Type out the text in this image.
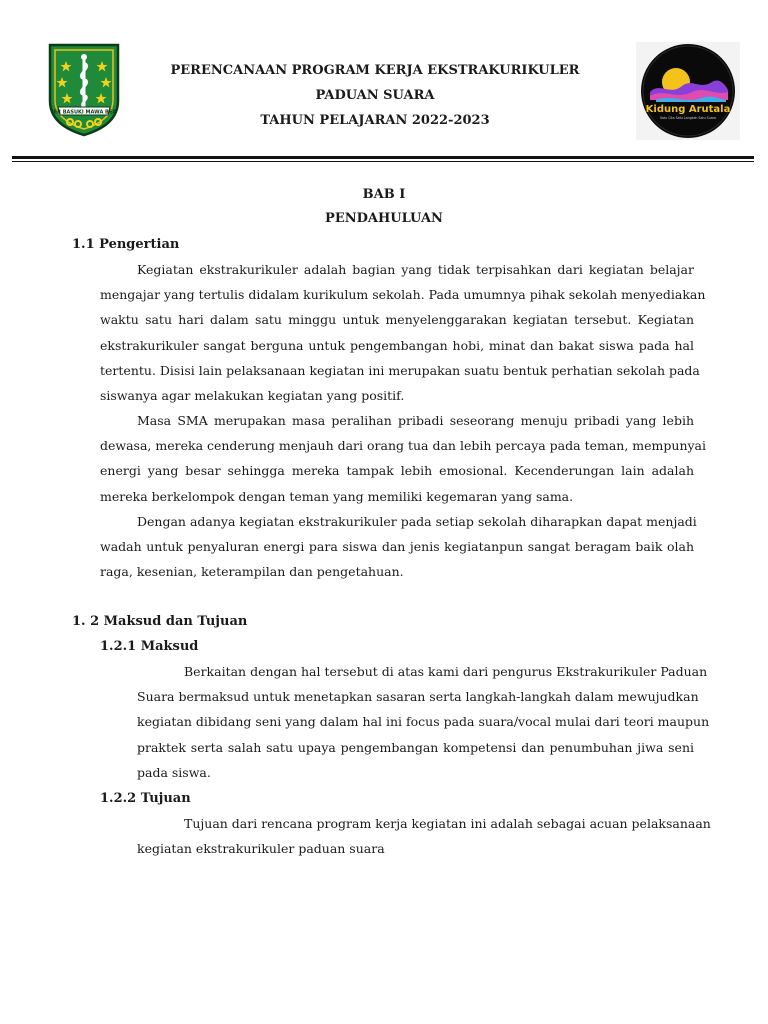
JER BASUKI MAWA BEA	Kidung Arutala
Satu Cita Satu Langkah Satu Suara
PERENCANAAN PROGRAM KERJA EKSTRAKURIKULER
PADUAN SUARA
TAHUN PELAJARAN 2022-2023
BAB I
PENDAHULUAN
1.1 Pengertian
Kegiatan ekstrakurikuler adalah bagian yang tidak terpisahkan dari kegiatan belajar
mengajar yang tertulis didalam kurikulum sekolah. Pada umumnya pihak sekolah menyediakan
waktu satu hari dalam satu minggu untuk menyelenggarakan kegiatan tersebut. Kegiatan
ekstrakurikuler sangat berguna untuk pengembangan hobi, minat dan bakat siswa pada hal
tertentu. Disisi lain pelaksanaan kegiatan ini merupakan suatu bentuk perhatian sekolah pada
siswanya agar melakukan kegiatan yang positif.
Masa SMA merupakan masa peralihan pribadi seseorang menuju pribadi yang lebih
dewasa, mereka cenderung menjauh dari orang tua dan lebih percaya pada teman, mempunyai
energi yang besar sehingga mereka tampak lebih emosional. Kecenderungan lain adalah
mereka berkelompok dengan teman yang memiliki kegemaran yang sama.
Dengan adanya kegiatan ekstrakurikuler pada setiap sekolah diharapkan dapat menjadi
wadah untuk penyaluran energi para siswa dan jenis kegiatanpun sangat beragam baik olah
raga, kesenian, keterampilan dan pengetahuan.
1. 2 Maksud dan Tujuan
1.2.1 Maksud
Berkaitan dengan hal tersebut di atas kami dari pengurus Ekstrakurikuler Paduan
Suara bermaksud untuk menetapkan sasaran serta langkah-langkah dalam mewujudkan
kegiatan dibidang seni yang dalam hal ini focus pada suara/vocal mulai dari teori maupun
praktek serta salah satu upaya pengembangan kompetensi dan penumbuhan jiwa seni
pada siswa.
1.2.2 Tujuan
Tujuan dari rencana program kerja kegiatan ini adalah sebagai acuan pelaksanaan
kegiatan ekstrakurikuler paduan suara
